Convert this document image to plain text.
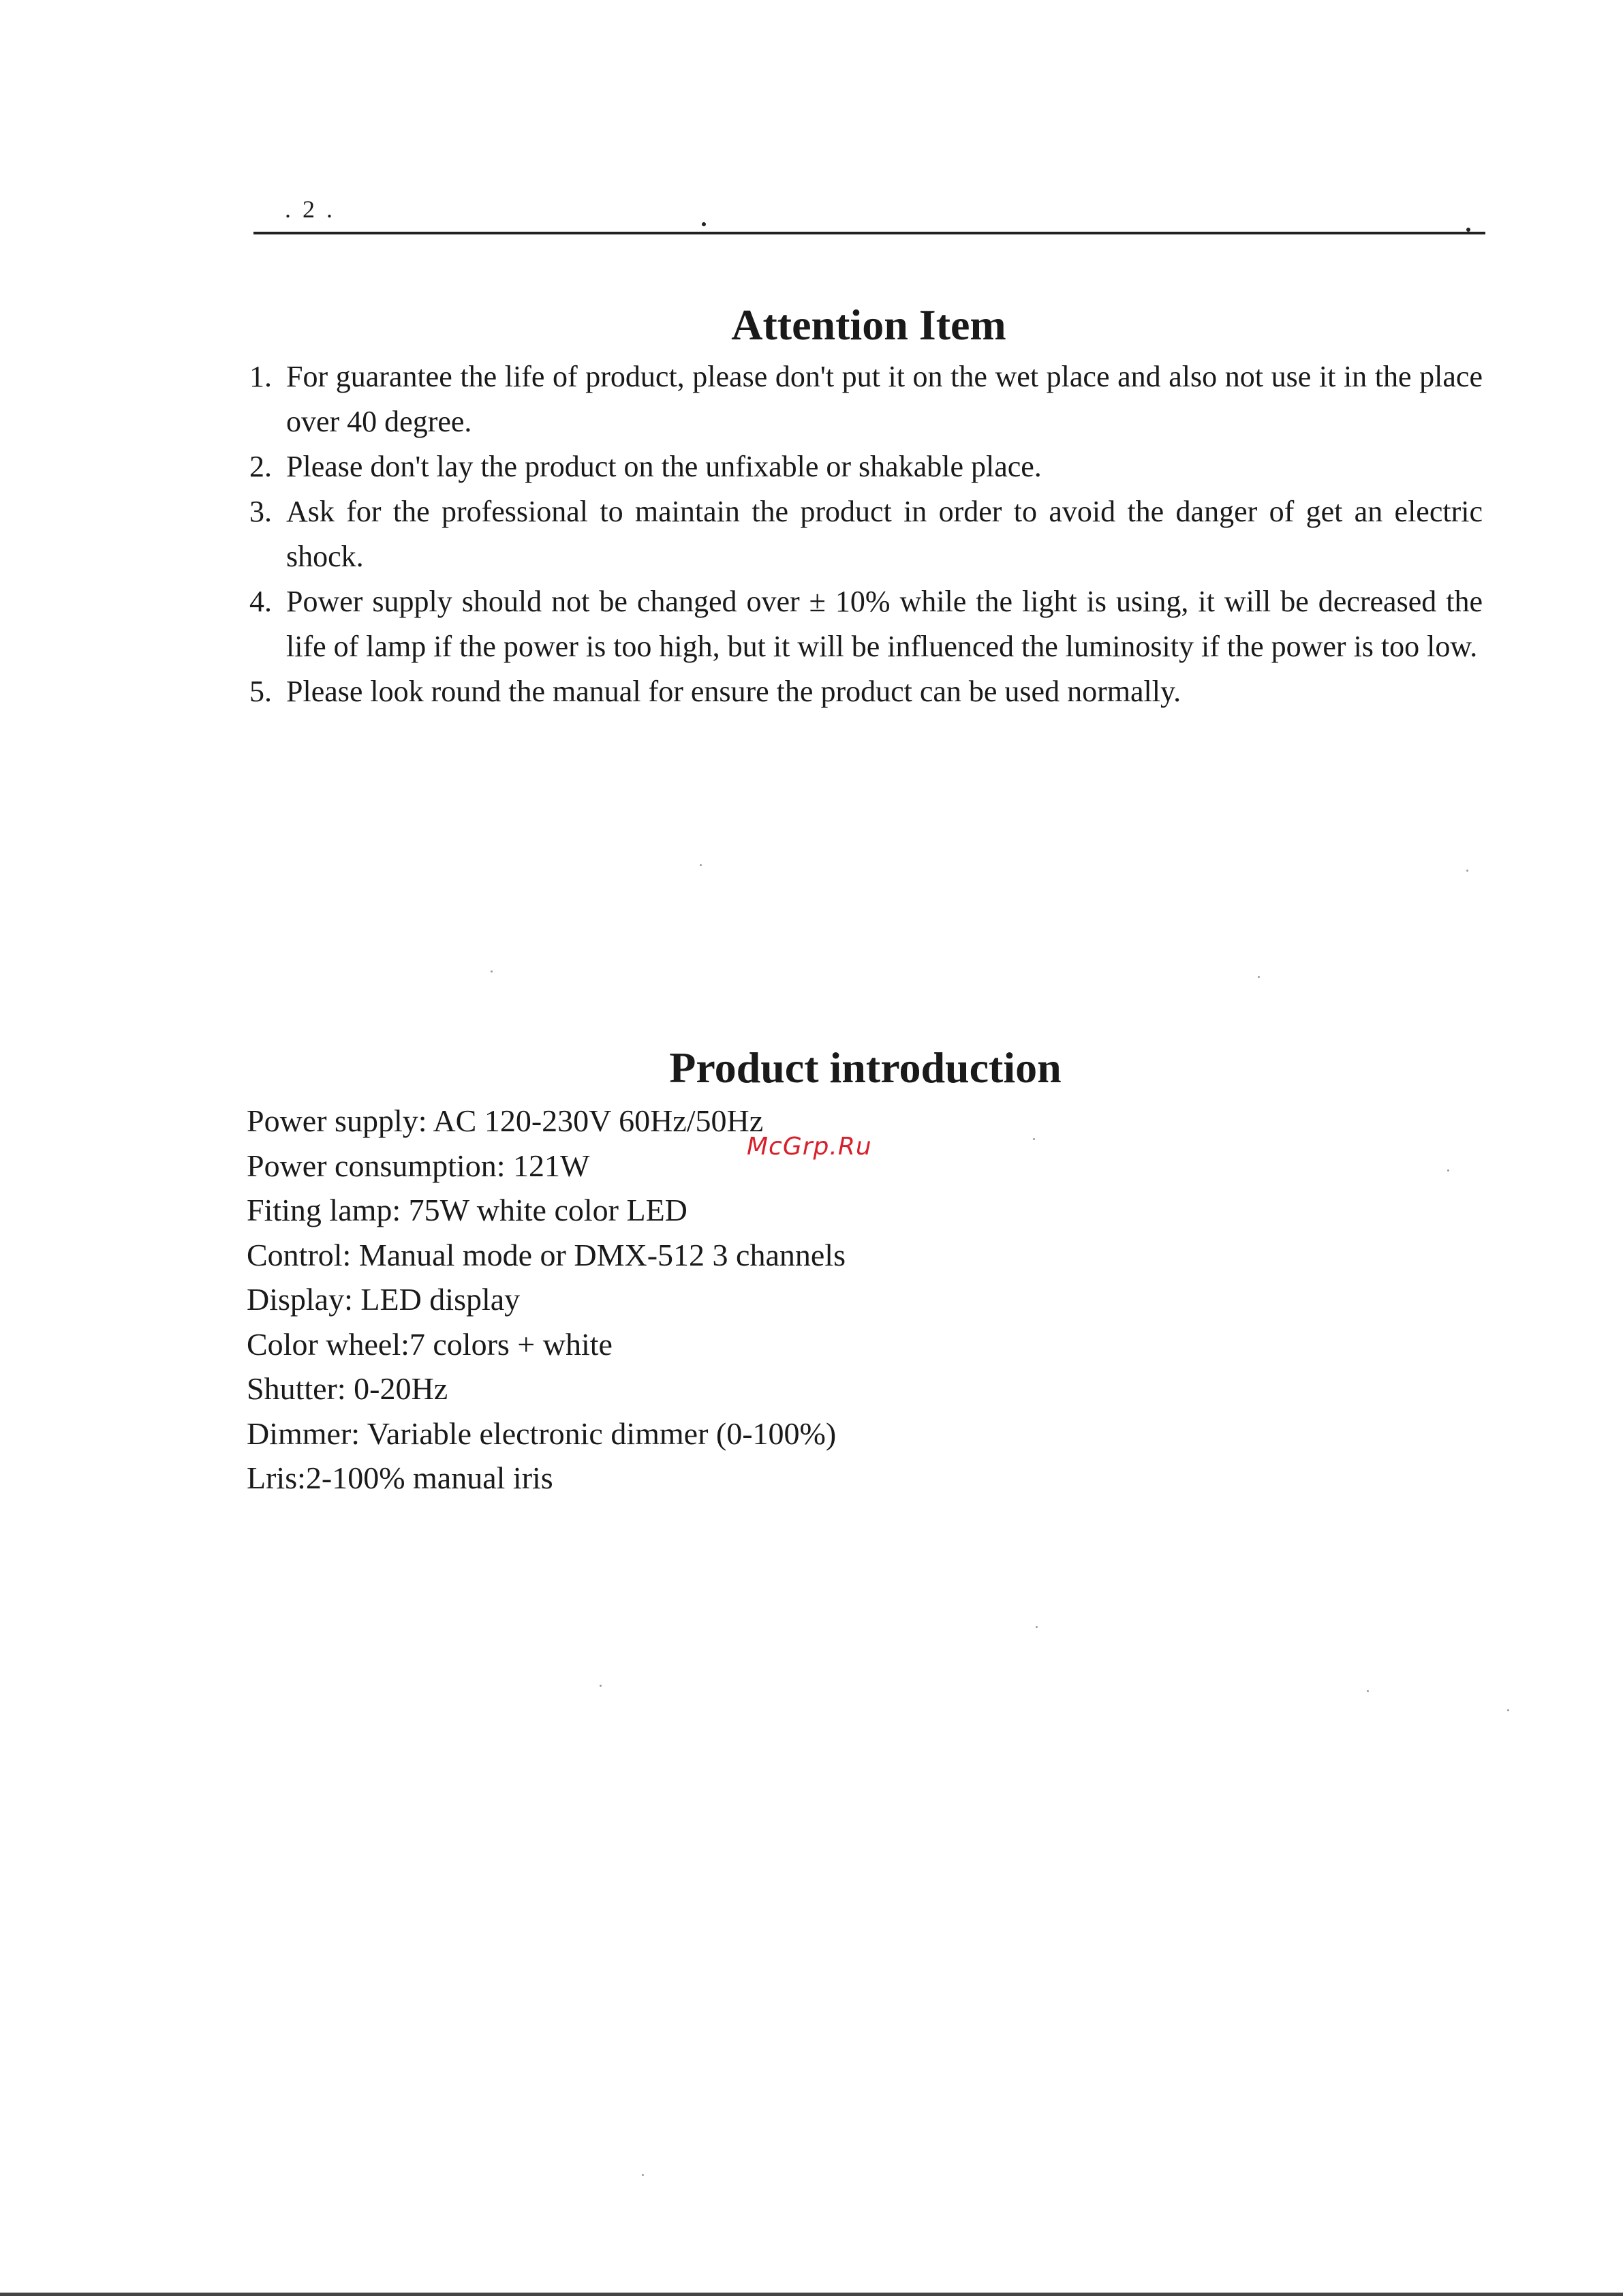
. 2 .
Attention Item
1. For guarantee the life of product, please don't put it on the wet place and also not use it in the place over 40 degree.
2. Please don't lay the product on the unfixable or shakable place.
3. Ask for the professional to maintain the product in order to avoid the danger of get an electric shock.
4. Power supply should not be changed over ± 10% while the light is using, it will be decreased the life of lamp if the power is too high, but it will be influenced the luminosity if the power is too low.
5. Please look round the manual for ensure the product can be used normally.
Product introduction
Power supply: AC 120-230V 60Hz/50Hz
Power consumption: 121W
Fiting lamp: 75W white color LED
Control: Manual mode or DMX-512 3 channels
Display: LED display
Color wheel:7 colors + white
Shutter: 0-20Hz
Dimmer: Variable electronic dimmer (0-100%)
Lris:2-100% manual iris
McGrp.Ru
